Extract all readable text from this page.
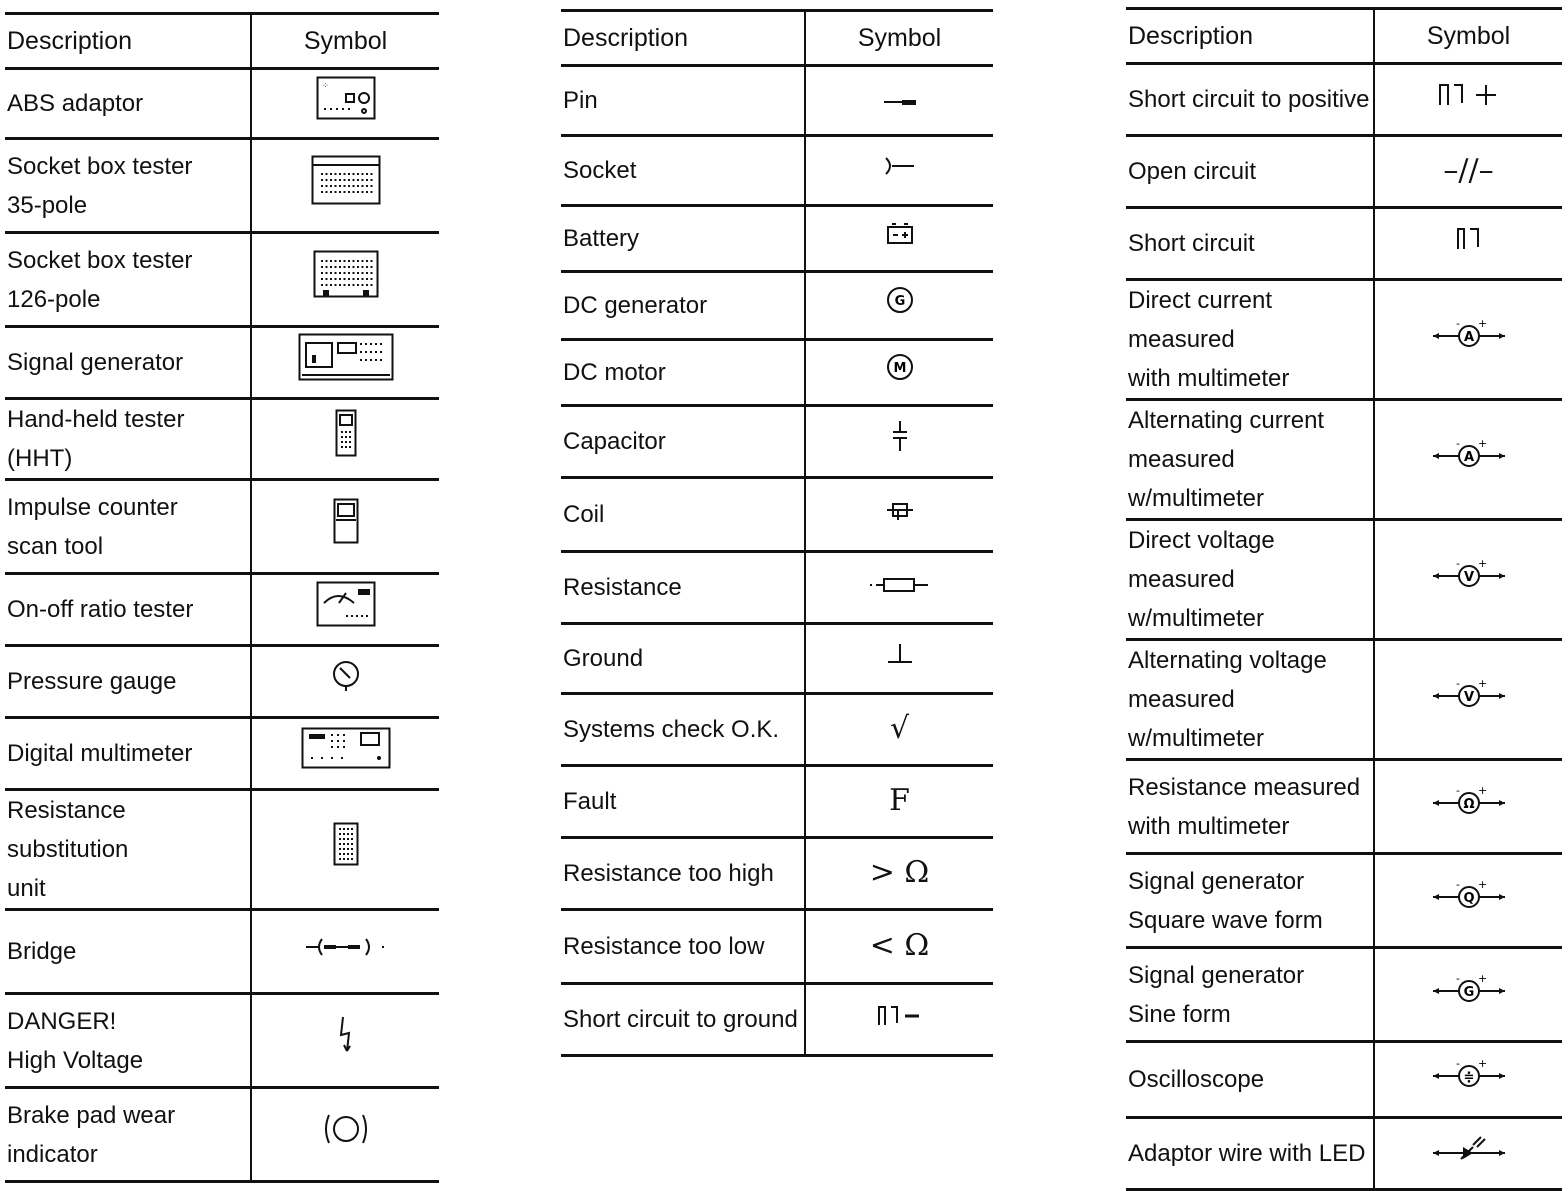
Description	Symbol
ABS adaptor	⁘

Socket box tester
35-pole	

Socket box tester
126-pole	

Signal generator	

Hand-held tester (HHT)	

Impulse counter
scan tool	

On-off ratio tester	

Pressure gauge	

Digital multimeter	

Resistance substitution
unit	

Bridge	

DANGER!
High Voltage	

Brake pad wear
indicator	
Description	Symbol
Pin	

Socket	

Battery	

DC generator	G

DC motor	M

Capacitor	

Coil	

Resistance	

Ground	

Systems check O.K.	√

Fault	F

Resistance too high	> Ω

Resistance too low	< Ω

Short circuit to ground	
Description	Symbol
Short circuit to positive	

Open circuit	–//–

Short circuit	

Direct current measured
with multimeter	A
- +

Alternating current
measured w/multimeter	A
- +

Direct voltage
measured w/multimeter	V
- +

Alternating voltage
measured w/multimeter	V
- +

Resistance measured
with multimeter	Ω
- +

Signal generator
Square wave form	Q
- +

Signal generator
Sine form	G
- +

Oscilloscope	≑
- +

Adaptor wire with LED	
